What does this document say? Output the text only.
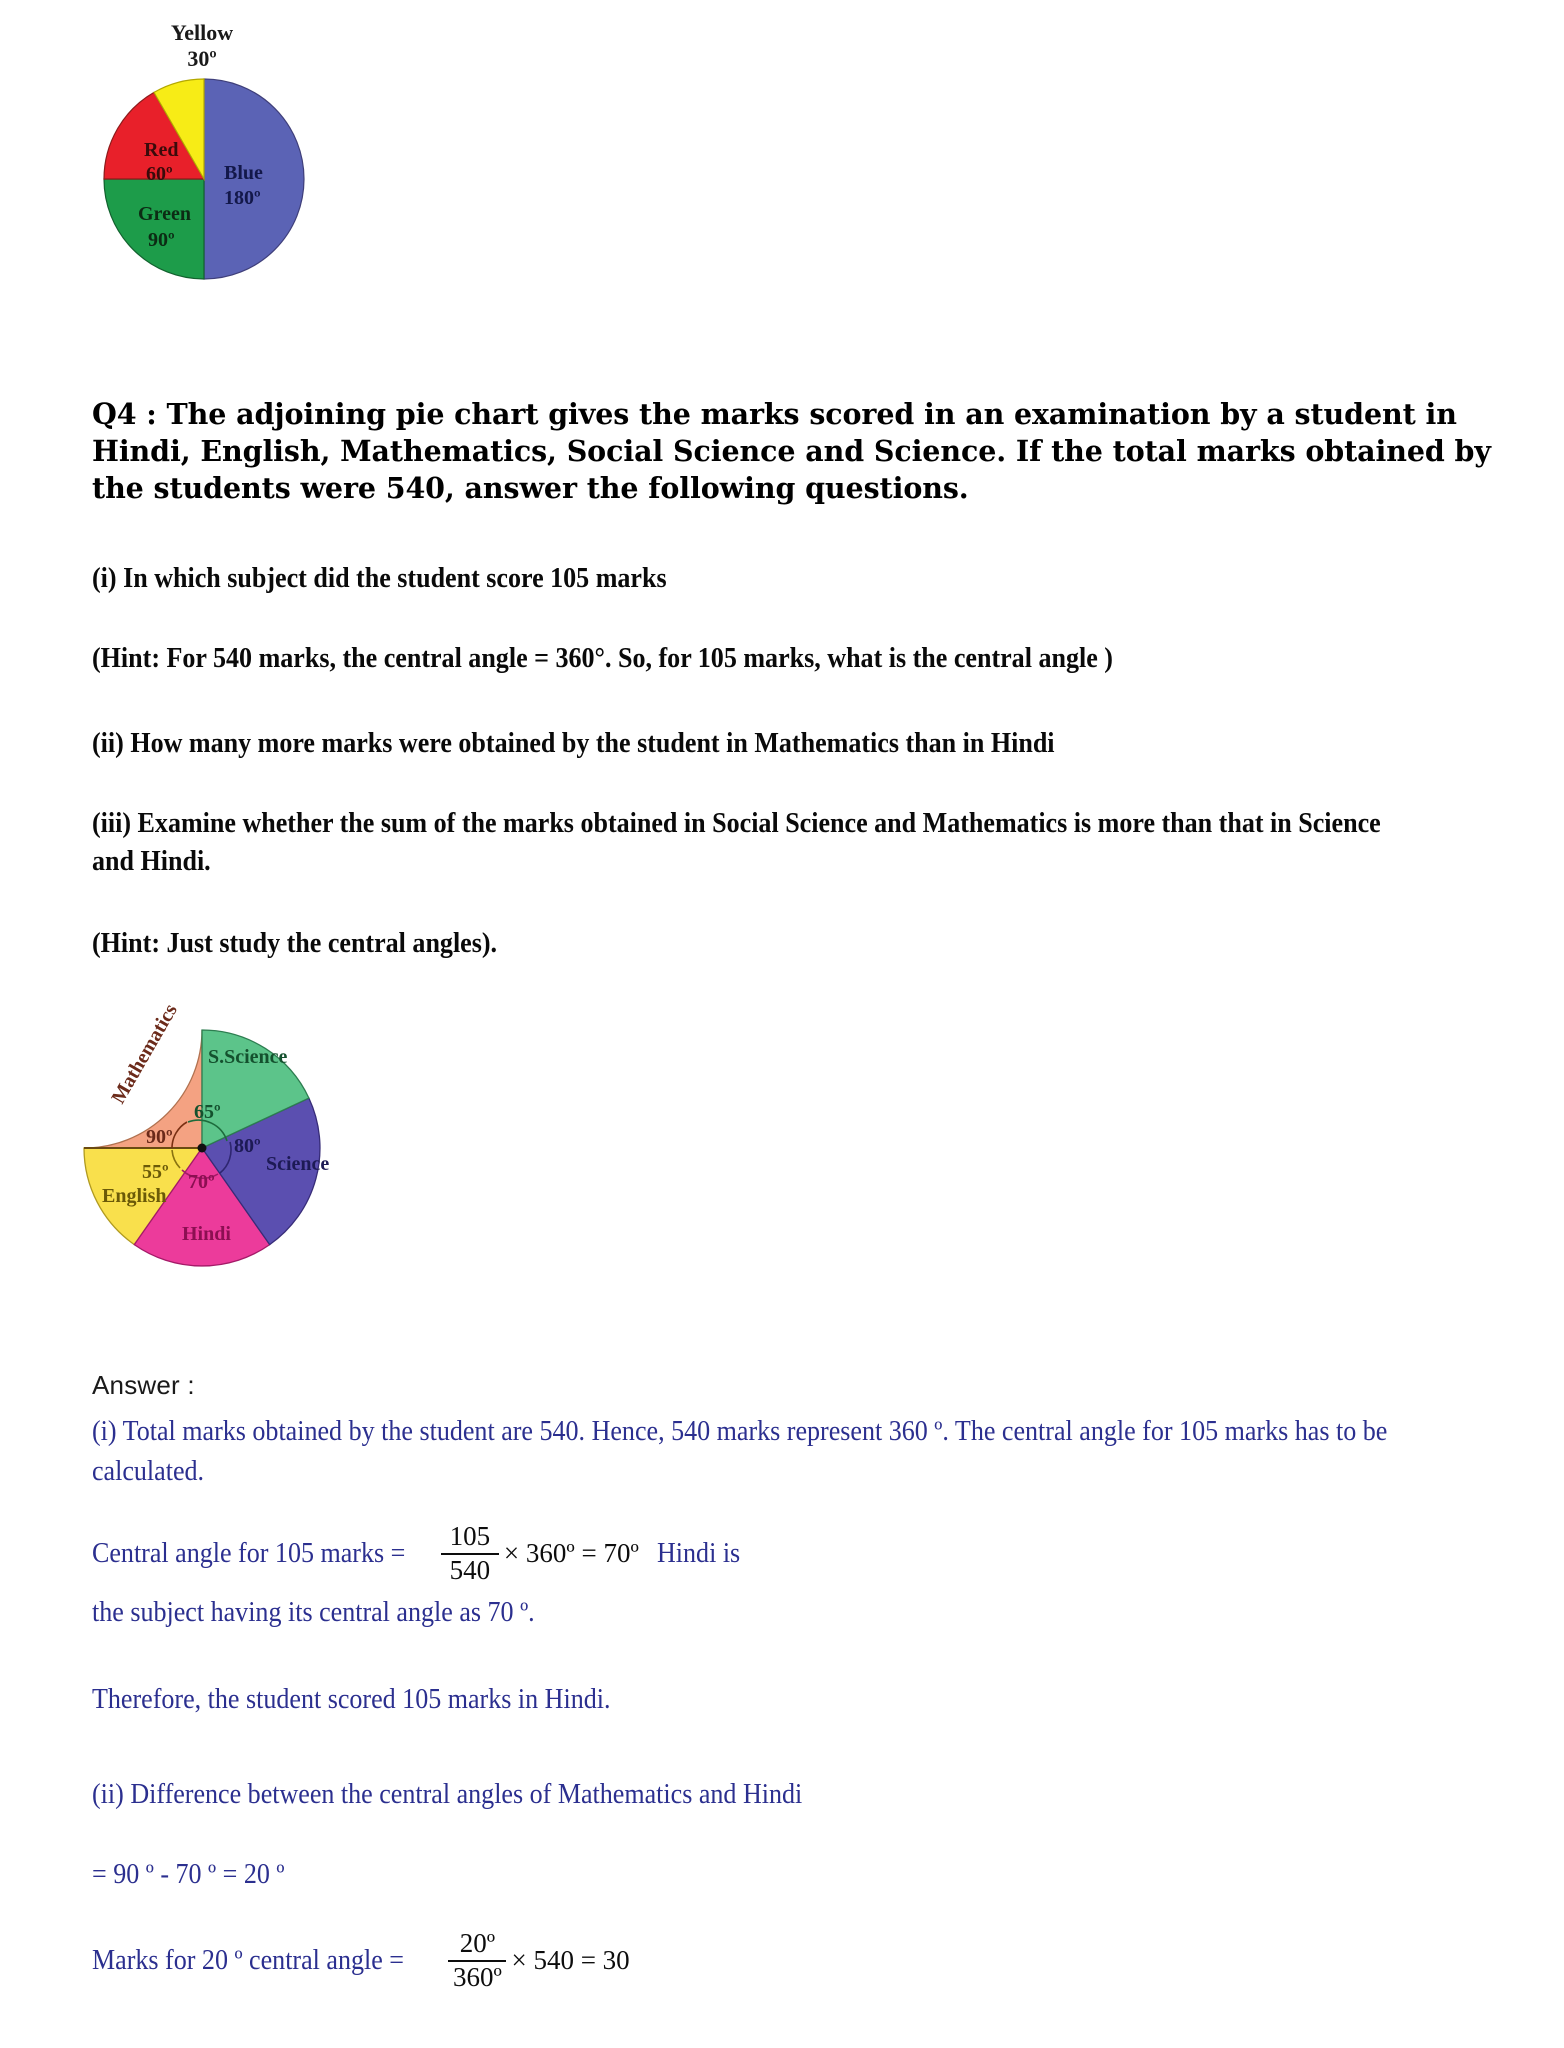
Yellow
30º
Red
60º
Green
90º
Blue
180º
Q4 : The adjoining pie chart gives the marks scored in an examination by a student in Hindi, English, Mathematics, Social Science and Science. If the total marks obtained by the students were 540, answer the following questions.
(i) In which subject did the student score 105 marks
(Hint: For 540 marks, the central angle = 360°. So, for 105 marks, what is the central angle )
(ii) How many more marks were obtained by the student in Mathematics than in Hindi
(iii) Examine whether the sum of the marks obtained in Social Science and Mathematics is more than that in Science and Hindi.
(Hint: Just study the central angles).
Mathematics S.Science
Science
Hindi
English
90º
65º
80º
70º
55º
Answer :
(i) Total marks obtained by the student are 540. Hence, 540 marks represent 360 º. The central angle for 105 marks has to be calculated.
Central angle for 105 marks = $\frac{105}{540}$ × 360º = 70º Hindi is
the subject having its central angle as 70 º.
Therefore, the student scored 105 marks in Hindi.
(ii) Difference between the central angles of Mathematics and Hindi
= 90 º - 70 º = 20 º
Marks for 20 º central angle = $\frac{\text{20º}}{\text{360º}} \times 540 = 30$
